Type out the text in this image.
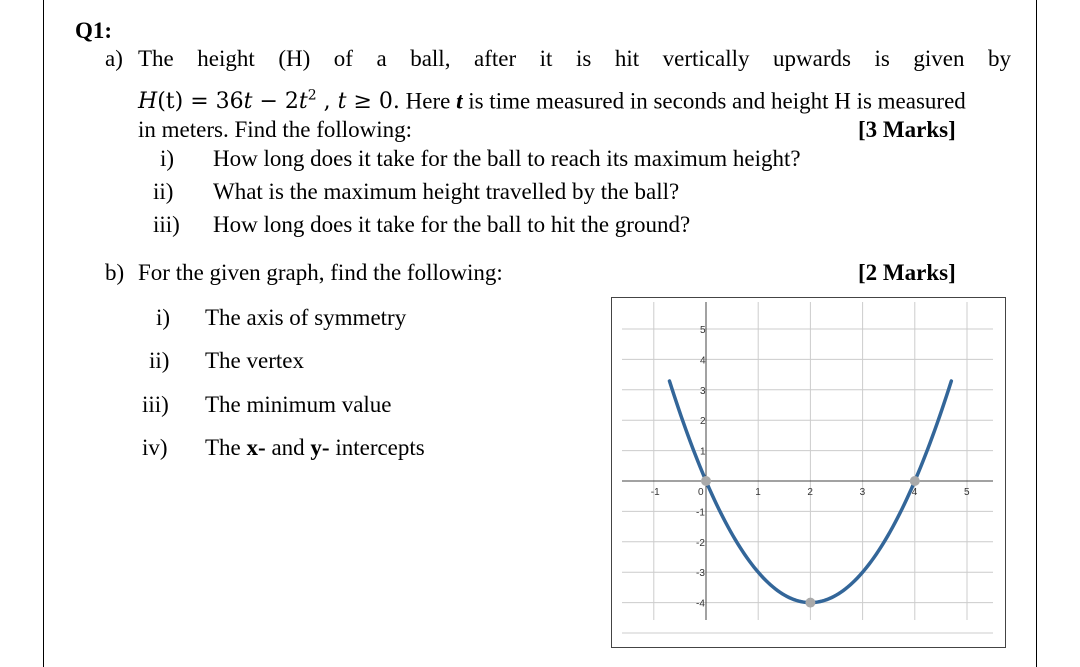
Q1:
a) The height (H) of a ball, after it is hit vertically upwards is given by
$H(t) = 36t - 2t^2$ , t ≥ 0. Here t is time measured in seconds and height H is measured
in meters. Find the following:	[3 Marks]
i) How long does it take for the ball to reach its maximum height?
ii) What is the maximum height travelled by the ball?
iii) How long does it take for the ball to hit the ground?
b) For the given graph, find the following:	[2 Marks]
i) The axis of symmetry
ii) The vertex
iii) The minimum value
iv) The x- and y- intercepts
-1	0	1	2	3	4	5
5
4
3
2
1
-1
-2
-3
-4
